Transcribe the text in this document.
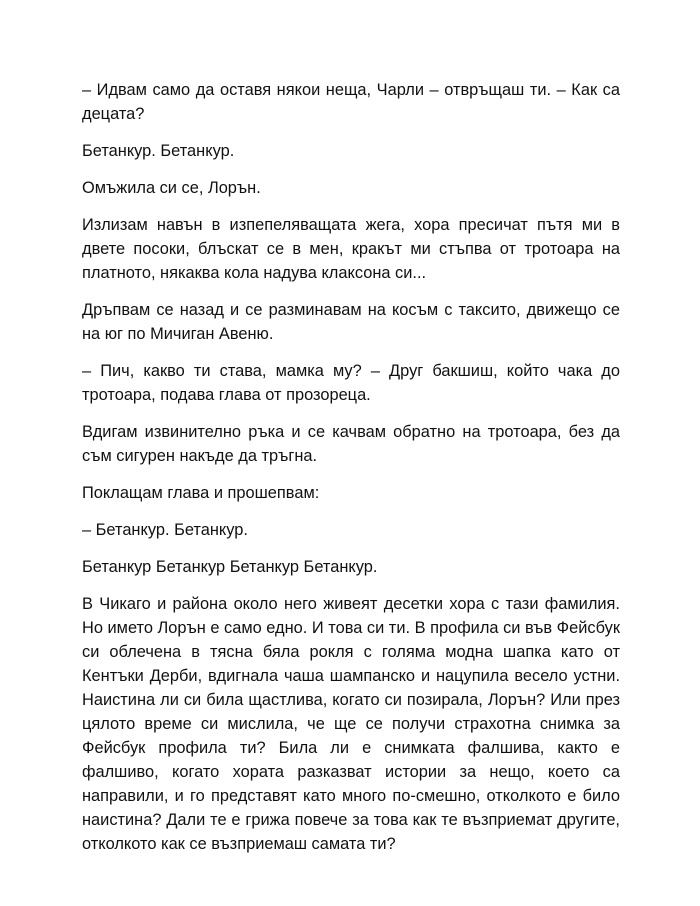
– Идвам само да оставя някои неща, Чарли – отвръщаш ти. – Как са децата?

Бетанкур. Бетанкур.

Омъжила си се, Лорън.

Излизам навън в изпепеляващата жега, хора пресичат пътя ми в двете посоки, блъскат се в мен, кракът ми стъпва от тротоара на платното, някаква кола надува клаксона си...

Дръпвам се назад и се разминавам на косъм с таксито, движещо се на юг по Мичиган Авеню.

– Пич, какво ти става, мамка му? – Друг бакшиш, който чака до тротоара, подава глава от прозореца.

Вдигам извинително ръка и се качвам обратно на тротоара, без да съм сигурен накъде да тръгна.

Поклащам глава и прошепвам:

– Бетанкур. Бетанкур.

Бетанкур Бетанкур Бетанкур Бетанкур.

В Чикаго и района около него живеят десетки хора с тази фамилия. Но името Лорън е само едно. И това си ти. В профила си във Фейсбук си облечена в тясна бяла рокля с голяма модна шапка като от Кентъки Дерби, вдигнала чаша шампанско и нацупила весело устни. Наистина ли си била щастлива, когато си позирала, Лорън? Или през цялото време си мислила, че ще се получи страхотна снимка за Фейсбук профила ти? Била ли е снимката фалшива, както е фалшиво, когато хората разказват истории за нещо, което са направили, и го представят като много по-смешно, отколкото е било наистина? Дали те е грижа повече за това как те възприемат другите, отколкото как се възприемаш самата ти?
